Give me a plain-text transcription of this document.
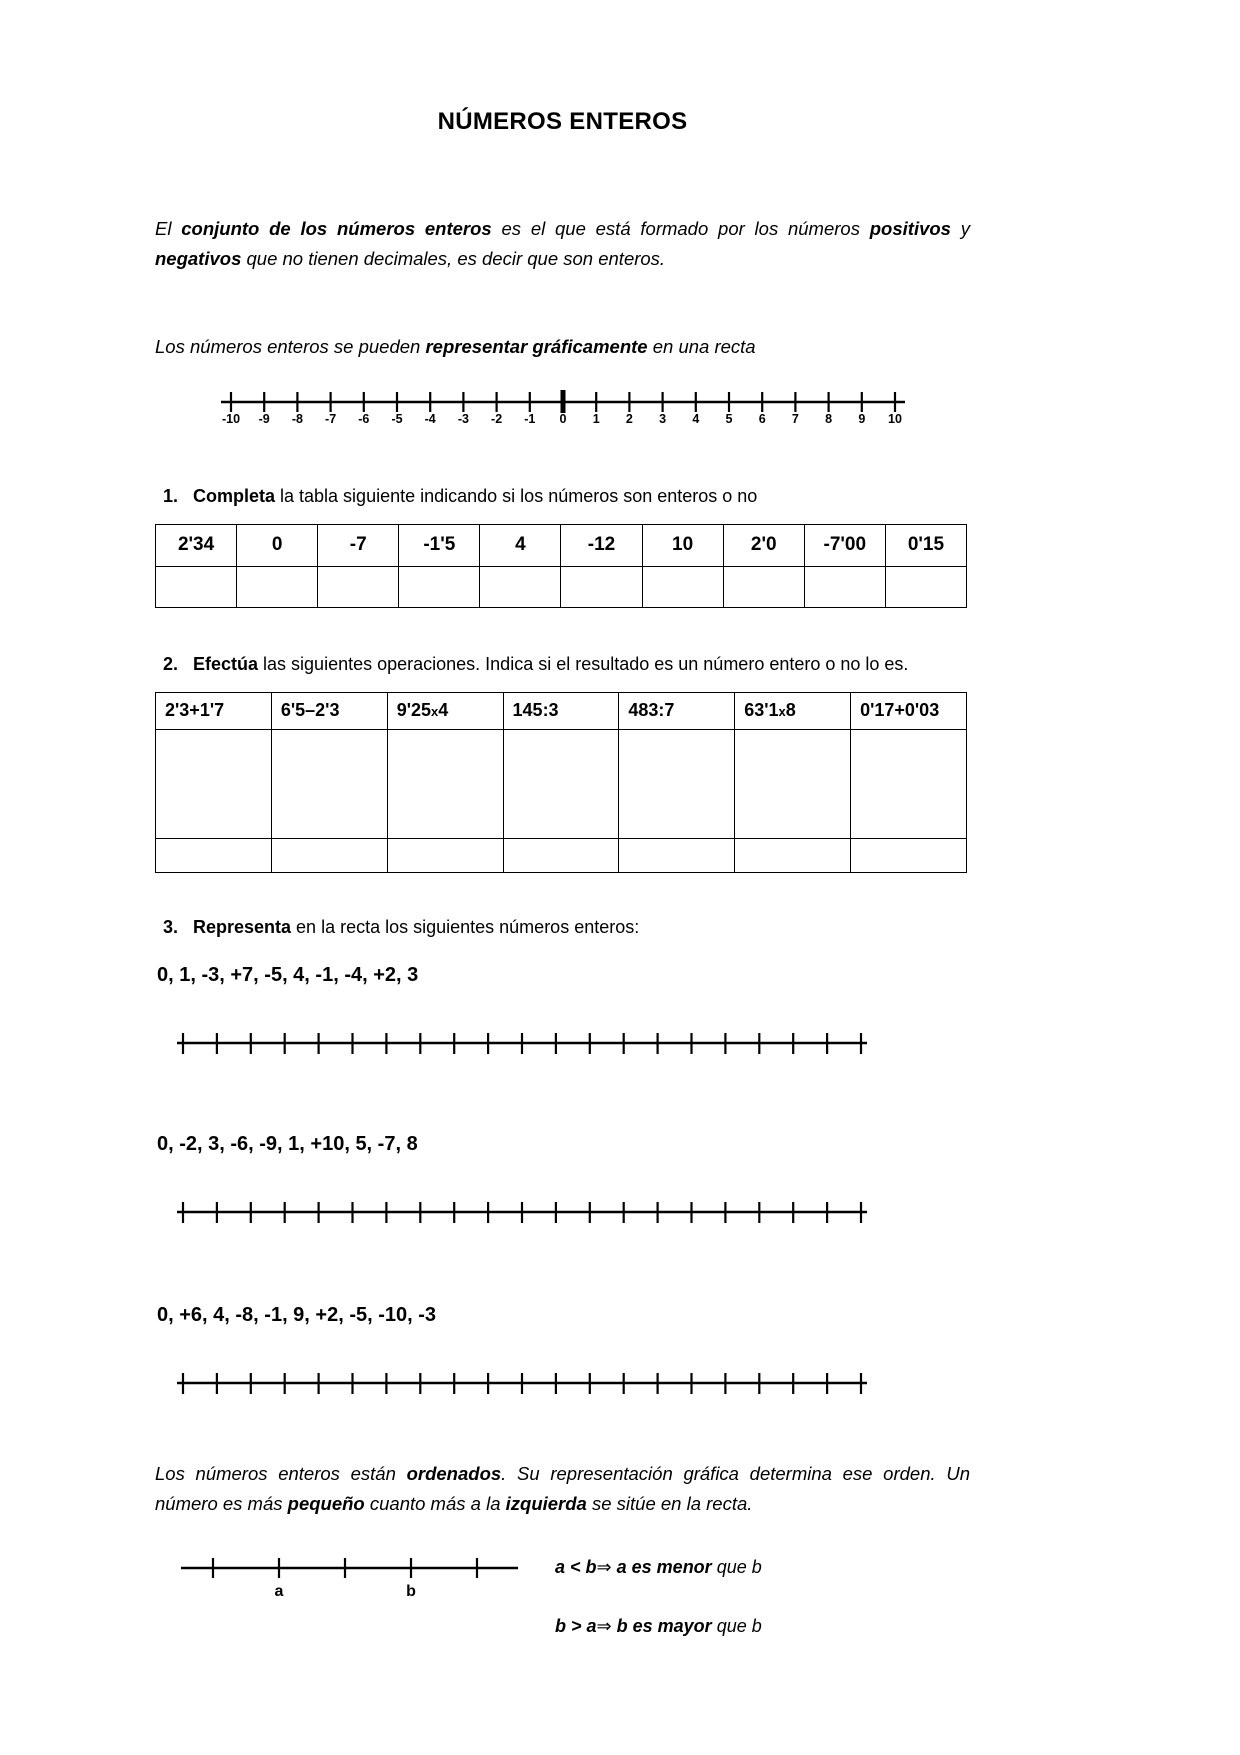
NÚMEROS ENTEROS

El conjunto de los números enteros es el que está formado por los números positivos y negativos que no tienen decimales, es decir que son enteros.

Los números enteros se pueden representar gráficamente en una recta

-10 -9 -8 -7 -6 -5 -4 -3 -2 -1 0 1 2 3 4 5 6 7 8 9 10
1. Completa la tabla siguiente indicando si los números son enteros o no
2'34	0	-7	-1'5	4	-12	10	2'0	-7'00	0'15

2. Efectúa las siguientes operaciones. Indica si el resultado es un número entero o no lo es.
2'3+1'7	6'5–2'3	9'25x4	145:3	483:7	63'1x8	0'17+0'03

3. Representa en la recta los siguientes números enteros:

0, 1, -3, +7, -5, 4, -1, -4, +2, 3

0, -2, 3, -6, -9, 1, +10, 5, -7, 8

0, +6, 4, -8, -1, 9, +2, -5, -10, -3

Los números enteros están ordenados. Su representación gráfica determina ese orden. Un número es más pequeño cuanto más a la izquierda se sitúe en la recta.

a	b
a < b⇒ a es menor que b
b > a⇒ b es mayor que b
